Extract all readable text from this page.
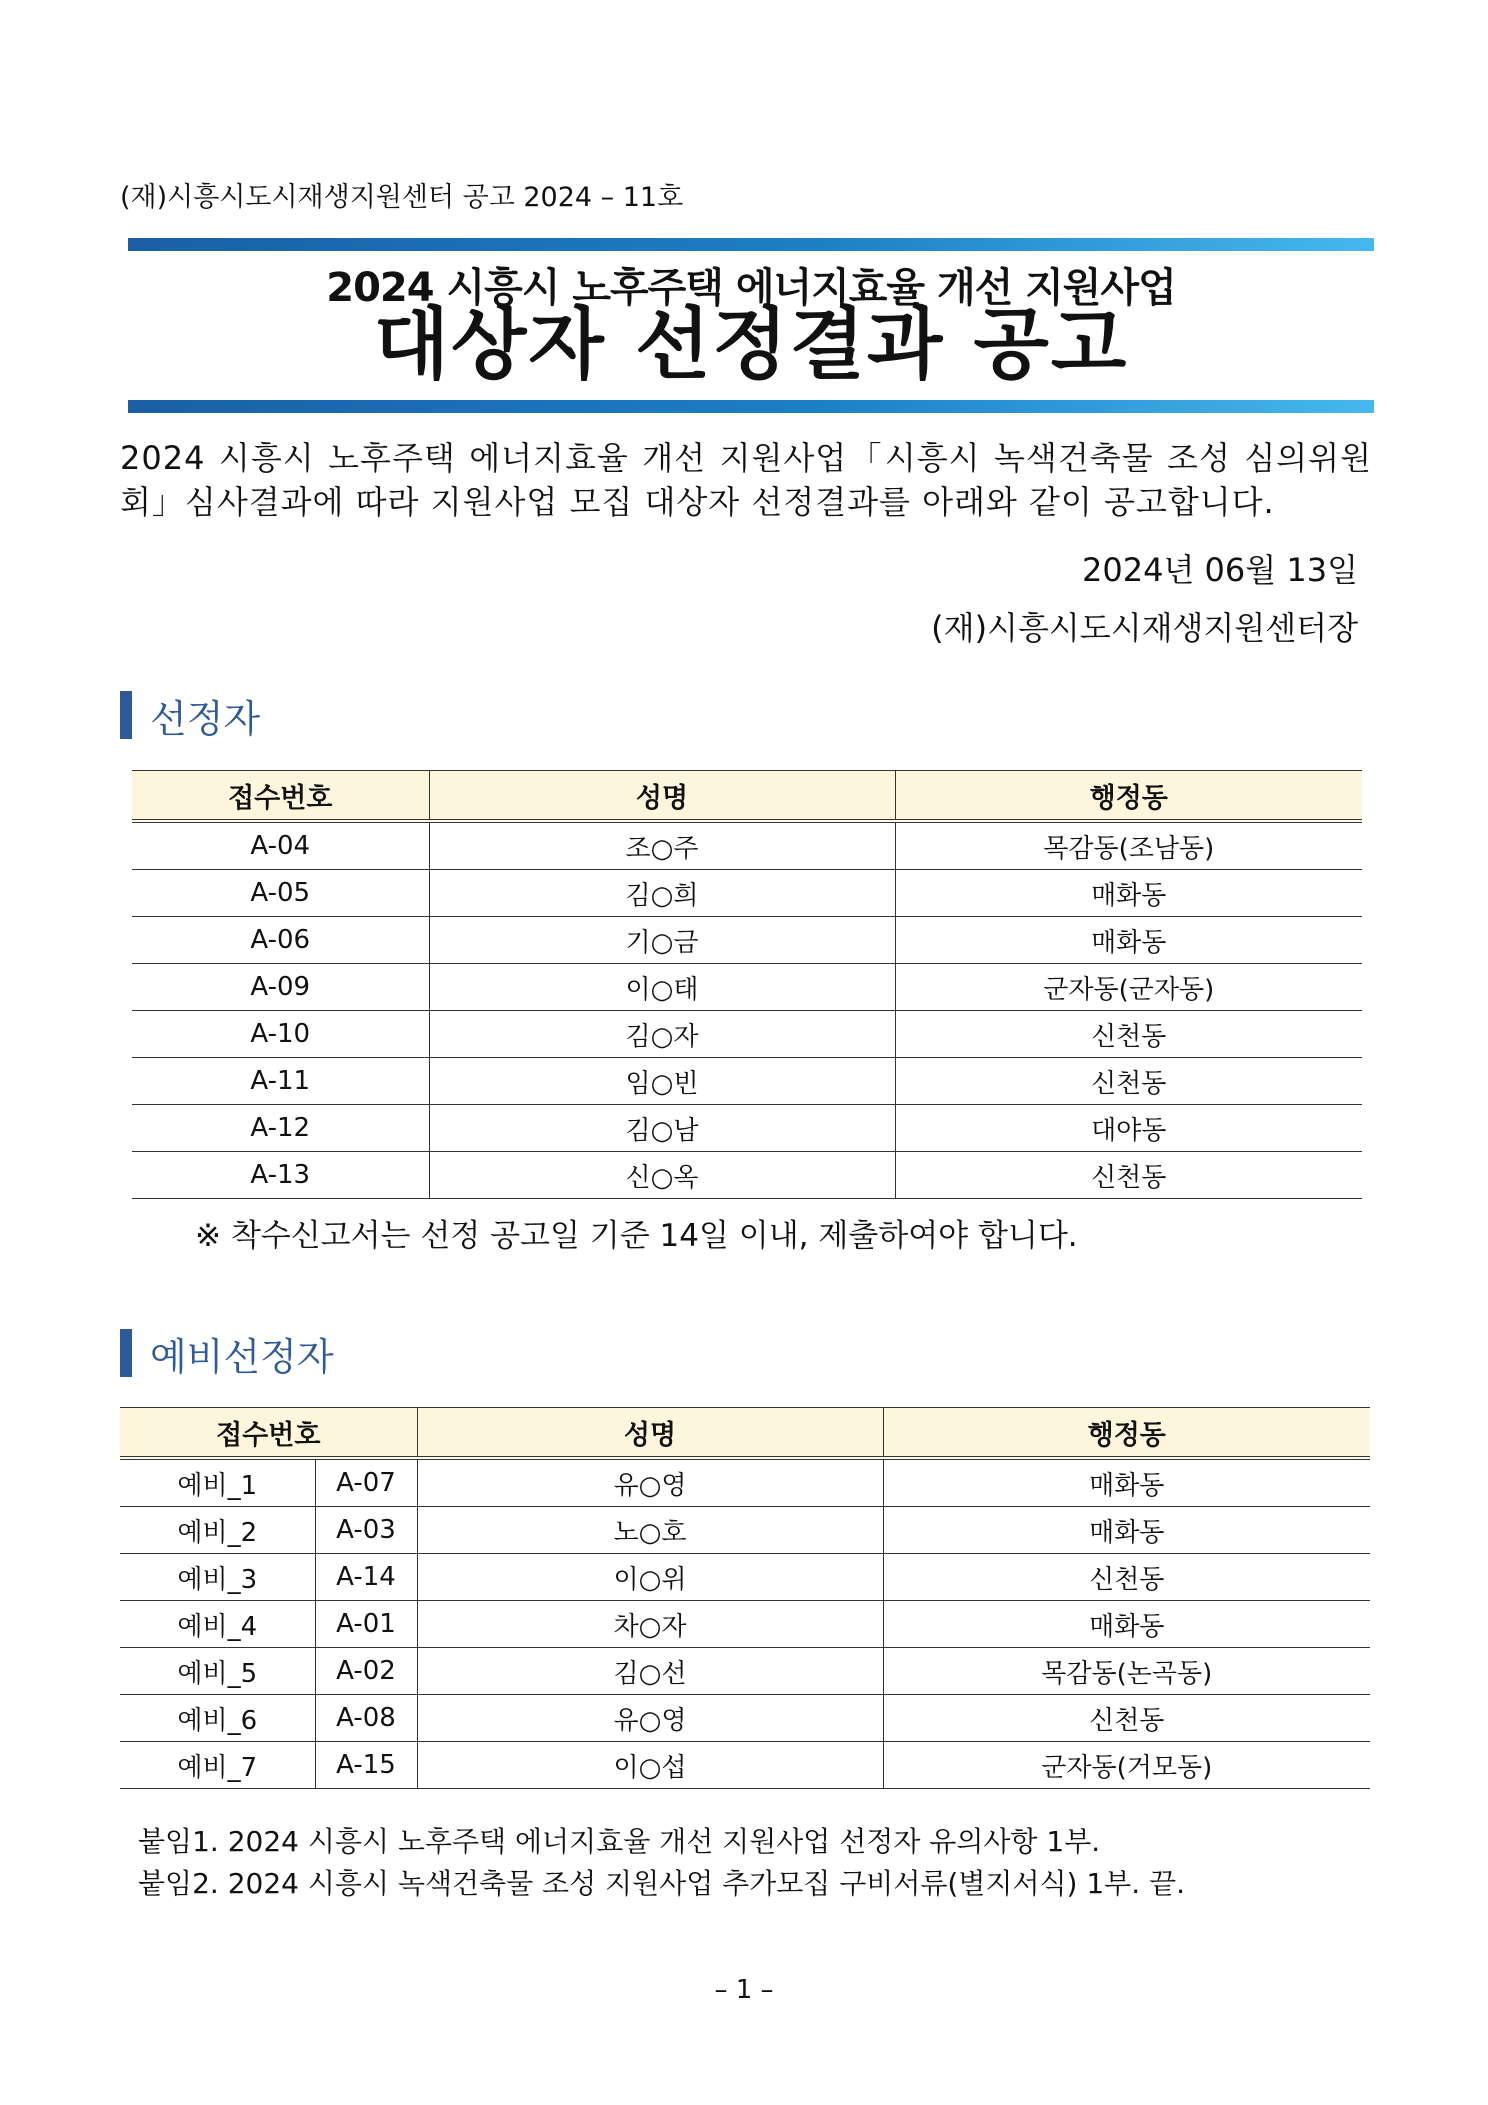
(재)시흥시도시재생지원센터 공고 2024 – 11호
2024 시흥시 노후주택 에너지효율 개선 지원사업
대상자 선정결과 공고
2024 시흥시 노후주택 에너지효율 개선 지원사업「시흥시 녹색건축물 조성 심의위원회」심사결과에 따라 지원사업 모집 대상자 선정결과를 아래와 같이 공고합니다.
2024년 06월 13일
(재)시흥시도시재생지원센터장
선정자
접수번호	성명	행정동
A-04	조○주	목감동(조남동)
A-05	김○희	매화동
A-06	기○금	매화동
A-09	이○태	군자동(군자동)
A-10	김○자	신천동
A-11	임○빈	신천동
A-12	김○남	대야동
A-13	신○옥	신천동
※ 착수신고서는 선정 공고일 기준 14일 이내, 제출하여야 합니다.
예비선정자
접수번호		성명	행정동
예비_1	A-07	유○영	매화동
예비_2	A-03	노○호	매화동
예비_3	A-14	이○위	신천동
예비_4	A-01	차○자	매화동
예비_5	A-02	김○선	목감동(논곡동)
예비_6	A-08	유○영	신천동
예비_7	A-15	이○섭	군자동(거모동)
붙임1. 2024 시흥시 노후주택 에너지효율 개선 지원사업 선정자 유의사항 1부.
붙임2. 2024 시흥시 녹색건축물 조성 지원사업 추가모집 구비서류(별지서식) 1부. 끝.
– 1 –
